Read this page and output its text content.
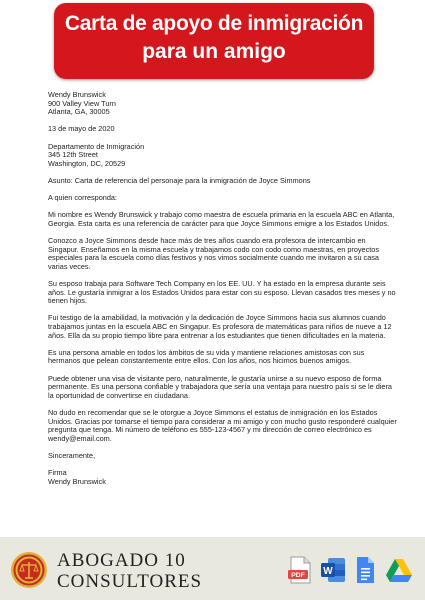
Carta de apoyo de inmigración
para un amigo

Wendy Brunswick
900 Valley View Turn
Atlanta, GA, 30005

13 de mayo de 2020

Departamento de Inmigración
345 12th Street
Washington, DC, 20529

Asunto: Carta de referencia del personaje para la inmigración de Joyce Simmons

A quien corresponda:

Mi nombre es Wendy Brunswick y trabajo como maestra de escuela primaria en la escuela ABC en Atlanta, Georgia. Esta carta es una referencia de carácter para que Joyce Simmons emigre a los Estados Unidos.

Conozco a Joyce Simmons desde hace más de tres años cuando era profesora de intercambio en Singapur. Enseñamos en la misma escuela y trabajamos codo con codo como maestras, en proyectos especiales para la escuela como días festivos y nos vimos socialmente cuando me invitaron a su casa varias veces.

Su esposo trabaja para Software Tech Company en los EE. UU. Y ha estado en la empresa durante seis años. Le gustaría inmigrar a los Estados Unidos para estar con su esposo. Llevan casados tres meses y no tienen hijos.

Fui testigo de la amabilidad, la motivación y la dedicación de Joyce Simmons hacia sus alumnos cuando trabajamos juntas en la escuela ABC en Singapur. Es profesora de matemáticas para niños de nueve a 12 años. Ella da su propio tiempo libre para entrenar a los estudiantes que tienen dificultades en la materia.

Es una persona amable en todos los ámbitos de su vida y mantiene relaciones amistosas con sus hermanos que pelean constantemente entre ellos. Con los años, nos hicimos buenos amigos.

Puede obtener una visa de visitante pero, naturalmente, le gustaría unirse a su nuevo esposo de forma permanente. Es una persona confiable y trabajadora que sería una ventaja para nuestro país si se le diera la oportunidad de convertirse en ciudadana.

No dudo en recomendar que se le otorgue a Joyce Simmons el estatus de inmigración en los Estados Unidos. Gracias por tomarse el tiempo para considerar a mi amigo y con mucho gusto responderé cualquier pregunta que tenga. Mi número de teléfono es 555-123-4567 y mi dirección de correo electrónico es wendy@email.com.

Sinceramente,

Firma
Wendy Brunswick

ABOGADO 10
CONSULTORES	PDF W
